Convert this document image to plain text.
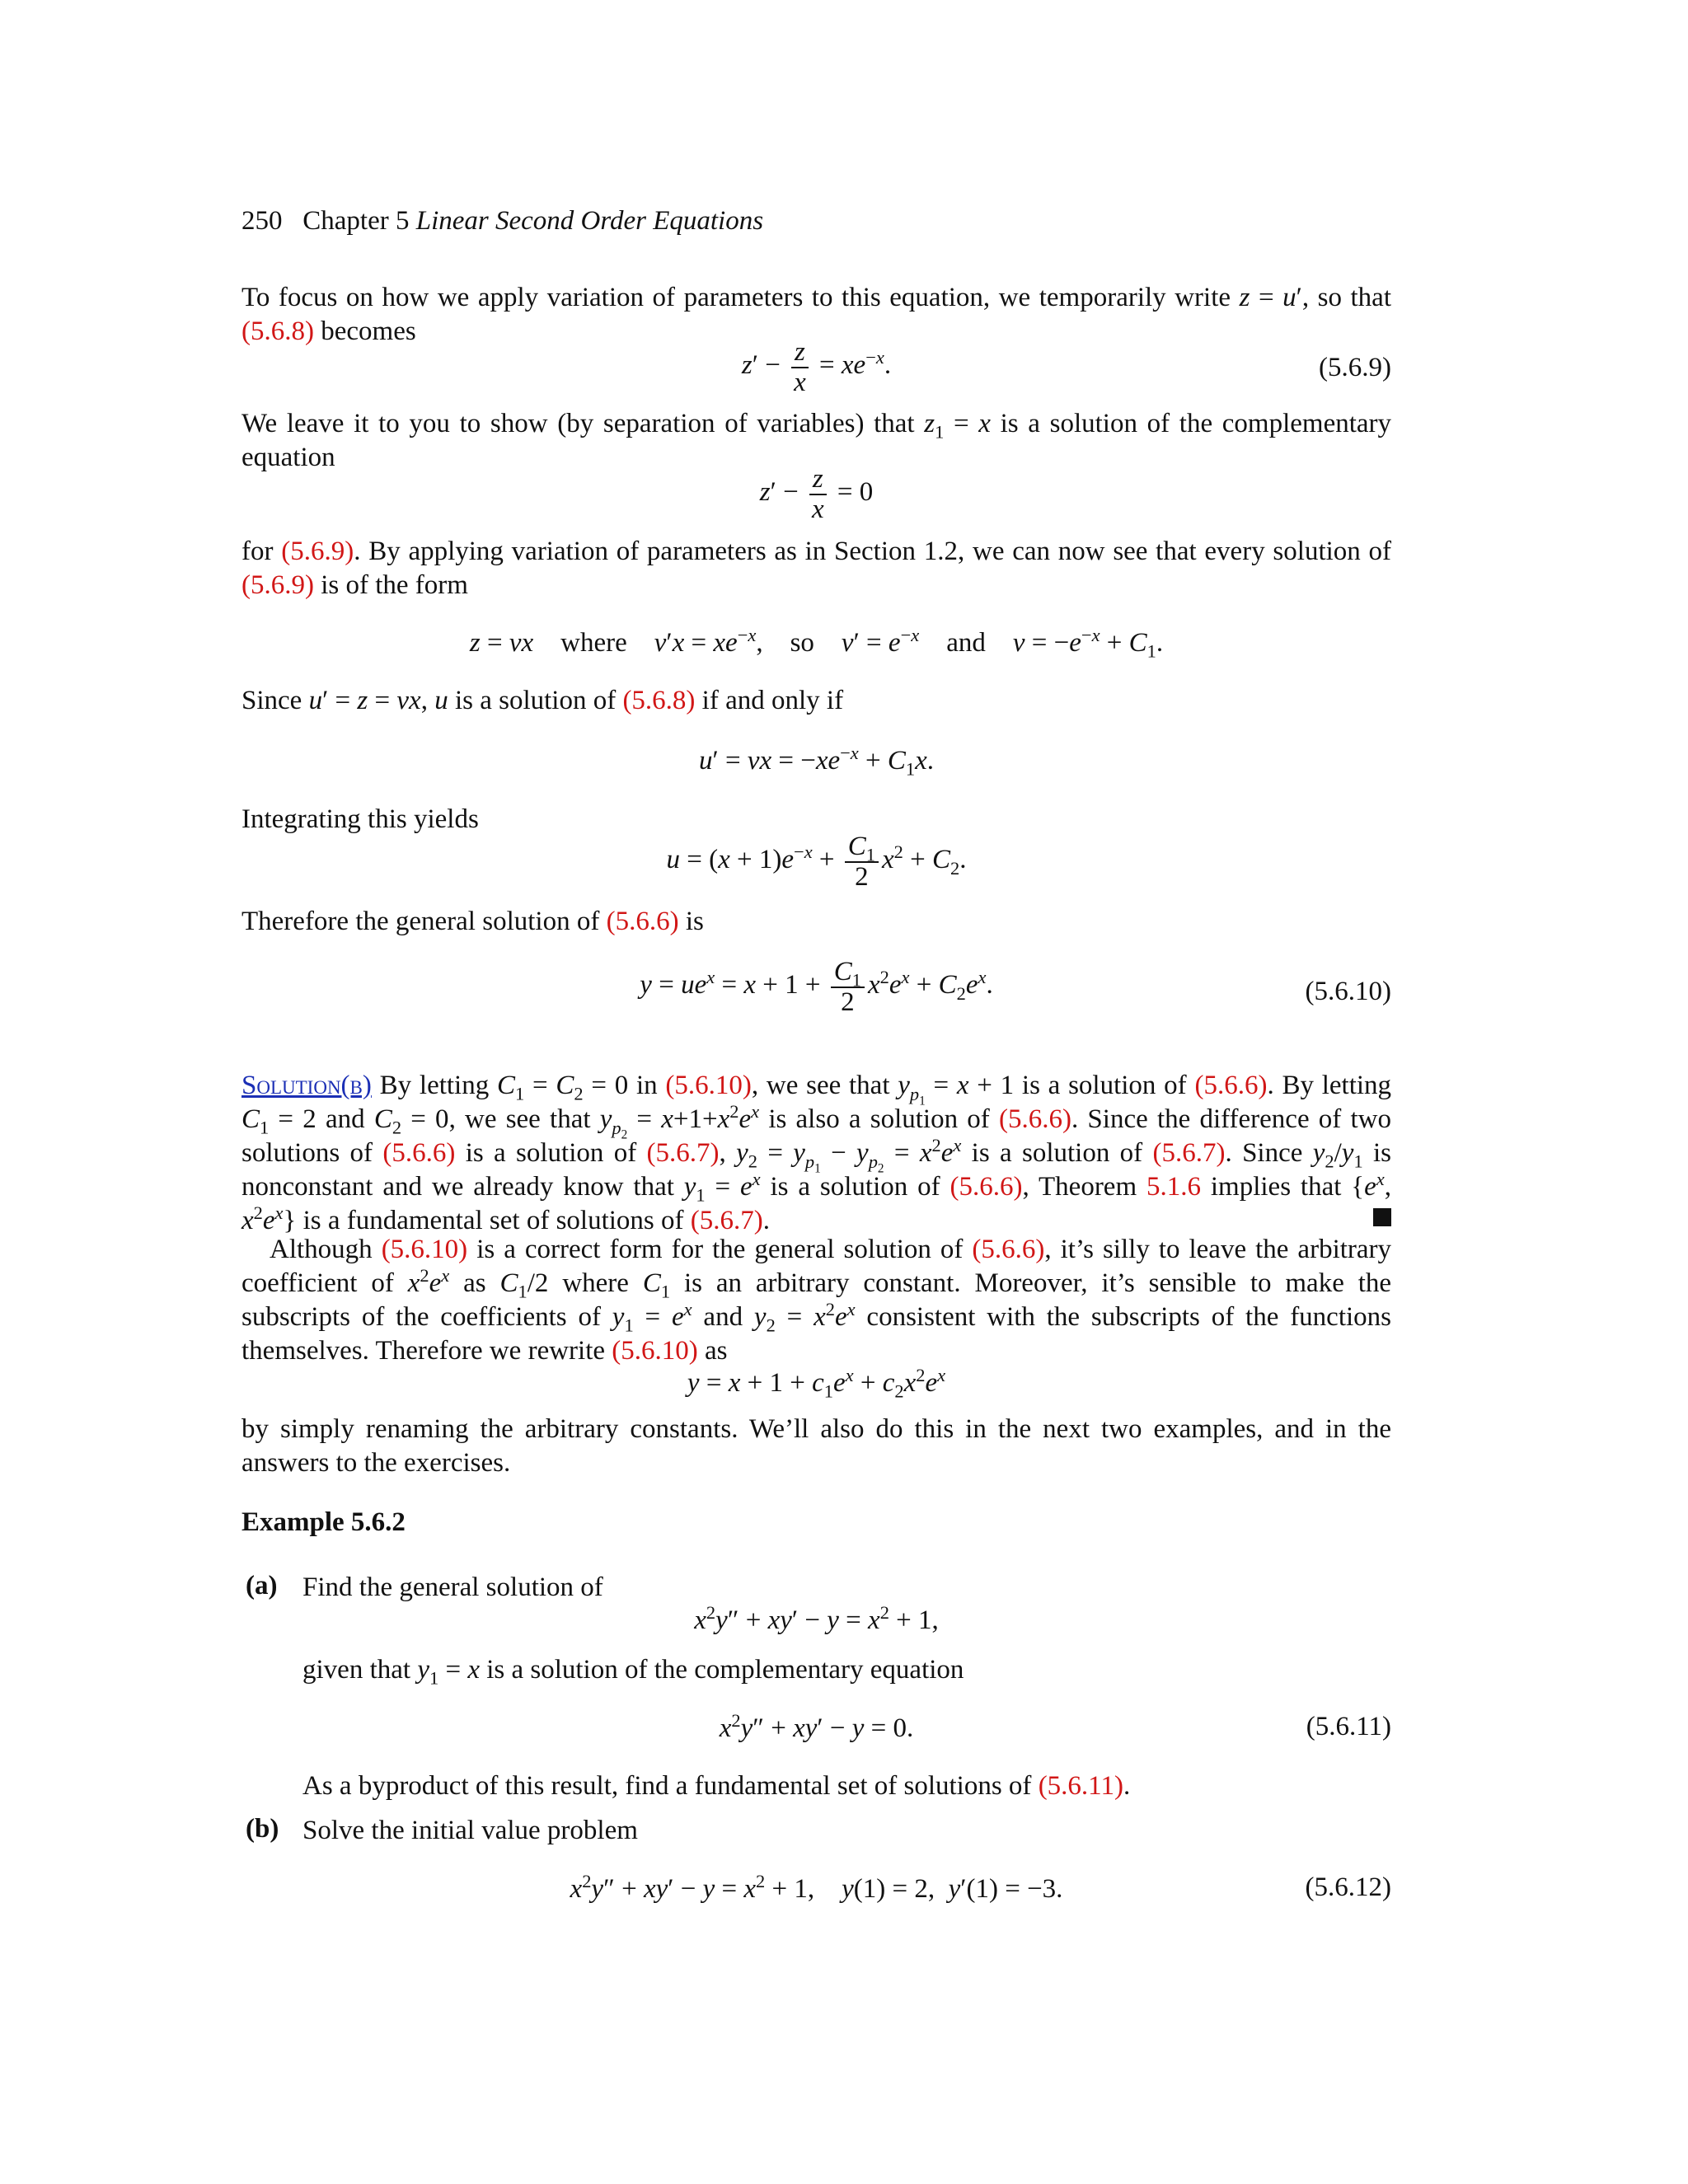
250 Chapter 5 Linear Second Order Equations
To focus on how we apply variation of parameters to this equation, we temporarily write z = u′, so that (5.6.8) becomes
$z' - \frac{z}{x} = xe^{-x}$.	(5.6.9)
We leave it to you to show (by separation of variables) that $z_1 = x$ is a solution of the complementary equation
$z' - \frac{z}{x} = 0$
for (5.6.9). By applying variation of parameters as in Section 1.2, we can now see that every solution of (5.6.9) is of the form
z = vx where $v'x = xe^{-x}$,    so $v' = e^{-x}$ and $v = -e^{-x} + C_1$.
Since u′ = z = vx, u is a solution of (5.6.8) if and only if
u′ = vx = $-xe^{-x} + C_1x$.
Integrating this yields
$u = (x + 1)e^{-x} + \frac{C_1}{2} x^2 + C_2$.
Therefore the general solution of (5.6.6) is
$y = ue^x = x + 1 + \frac{C_1}{2} x^2e^x + C_2e^x$.	(5.6.10)
Solution(b) By letting $C_1 = C_2 = 0$ in (5.6.10), we see that $y_{p_1} = x + 1$ is a solution of (5.6.6). By letting $C_1 = 2$ and $C_2 = 0$, we see that $y_{p_2} = x+1+x^2e^x$ is also a solution of (5.6.6). Since the difference of two solutions of (5.6.6) is a solution of (5.6.7), $y_2 = y_{p_1} - y_{p_2} = x^2e^x$ is a solution of (5.6.7). Since $y_2/y_1$ is nonconstant and we already know that $y_1 = e^x$ is a solution of (5.6.6), Theorem 5.1.6 implies that {$e^x$, $x^2e^x$} is a fundamental set of solutions of (5.6.7).
Although (5.6.10) is a correct form for the general solution of (5.6.6), it’s silly to leave the arbitrary coefficient of $x^2e^x$ as $C_1/2$ where $C_1$ is an arbitrary constant. Moreover, it’s sensible to make the subscripts of the coefficients of $y_1 = e^x$ and $y_2 = x^2e^x$ consistent with the subscripts of the functions themselves. Therefore we rewrite (5.6.10) as
$y = x + 1 + c_1e^x + c_2x^2e^x$
by simply renaming the arbitrary constants. We’ll also do this in the next two examples, and in the answers to the exercises.
Example 5.6.2
(a) Find the general solution of
$x^2y'' + xy' - y = x^2 + 1$,
given that $y_1 = x$ is a solution of the complementary equation
$x^2y'' + xy' - y = 0$.	(5.6.11)
As a byproduct of this result, find a fundamental set of solutions of (5.6.11).
(b) Solve the initial value problem
$x^2y'' + xy' - y = x^2 + 1$,    y(1) = 2,  y′(1) = −3.	(5.6.12)
